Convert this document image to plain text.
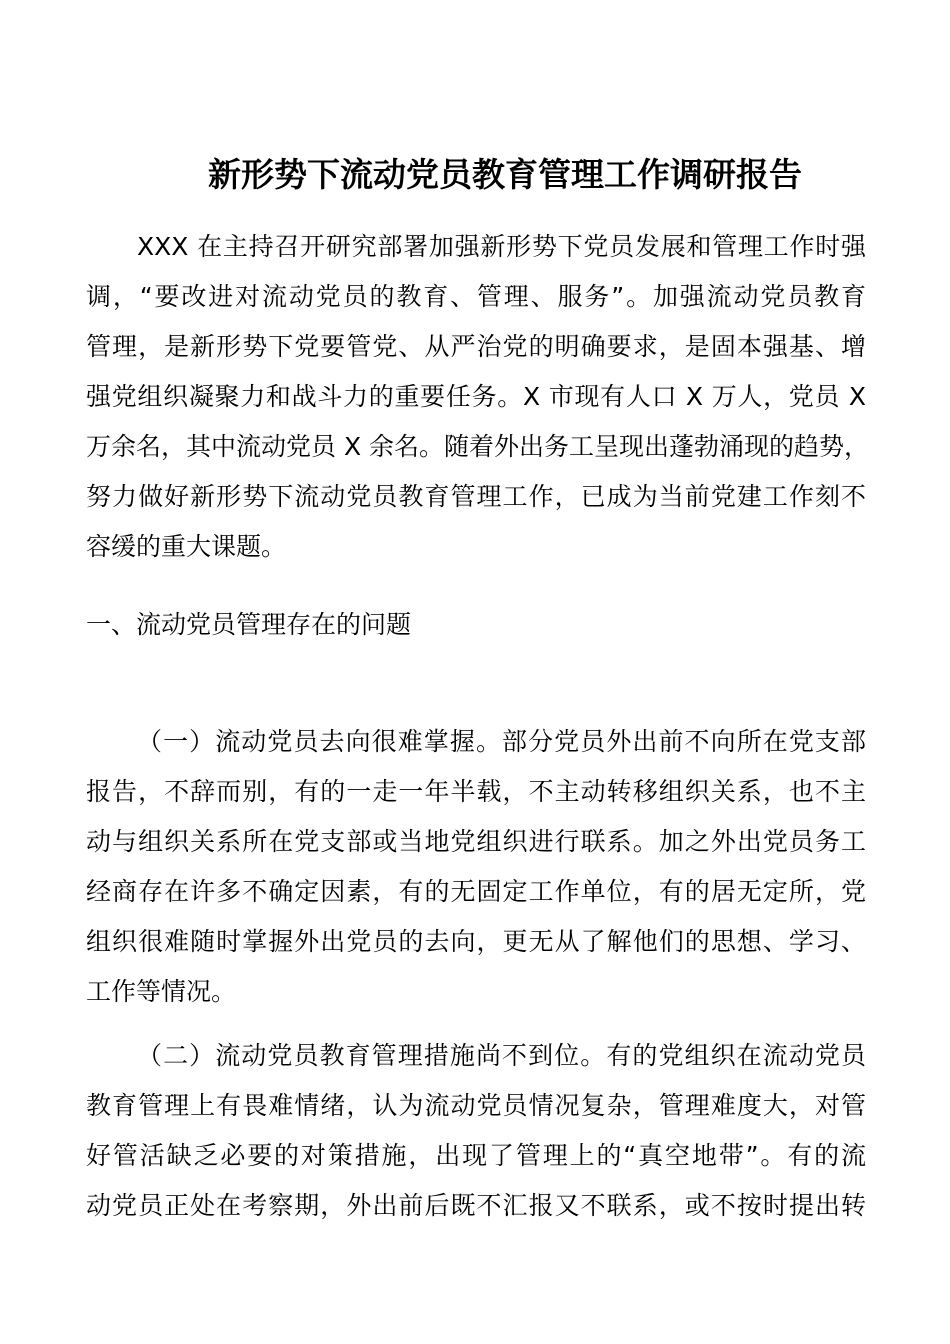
新形势下流动党员教育管理工作调研报告
XXX 在主持召开研究部署加强新形势下党员发展和管理工作时强
调，“要改进对流动党员的教育、管理、服务”。加强流动党员教育
管理，是新形势下党要管党、从严治党的明确要求，是固本强基、增
强党组织凝聚力和战斗力的重要任务。X 市现有人口 X 万人，党员 X
万余名，其中流动党员 X 余名。随着外出务工呈现出蓬勃涌现的趋势，
努力做好新形势下流动党员教育管理工作，已成为当前党建工作刻不
容缓的重大课题。
一、流动党员管理存在的问题
（一）流动党员去向很难掌握。部分党员外出前不向所在党支部
报告，不辞而别，有的一走一年半载，不主动转移组织关系，也不主
动与组织关系所在党支部或当地党组织进行联系。加之外出党员务工
经商存在许多不确定因素，有的无固定工作单位，有的居无定所，党
组织很难随时掌握外出党员的去向，更无从了解他们的思想、学习、
工作等情况。
（二）流动党员教育管理措施尚不到位。有的党组织在流动党员
教育管理上有畏难情绪，认为流动党员情况复杂，管理难度大，对管
好管活缺乏必要的对策措施，出现了管理上的“真空地带”。有的流
动党员正处在考察期，外出前后既不汇报又不联系，或不按时提出转
